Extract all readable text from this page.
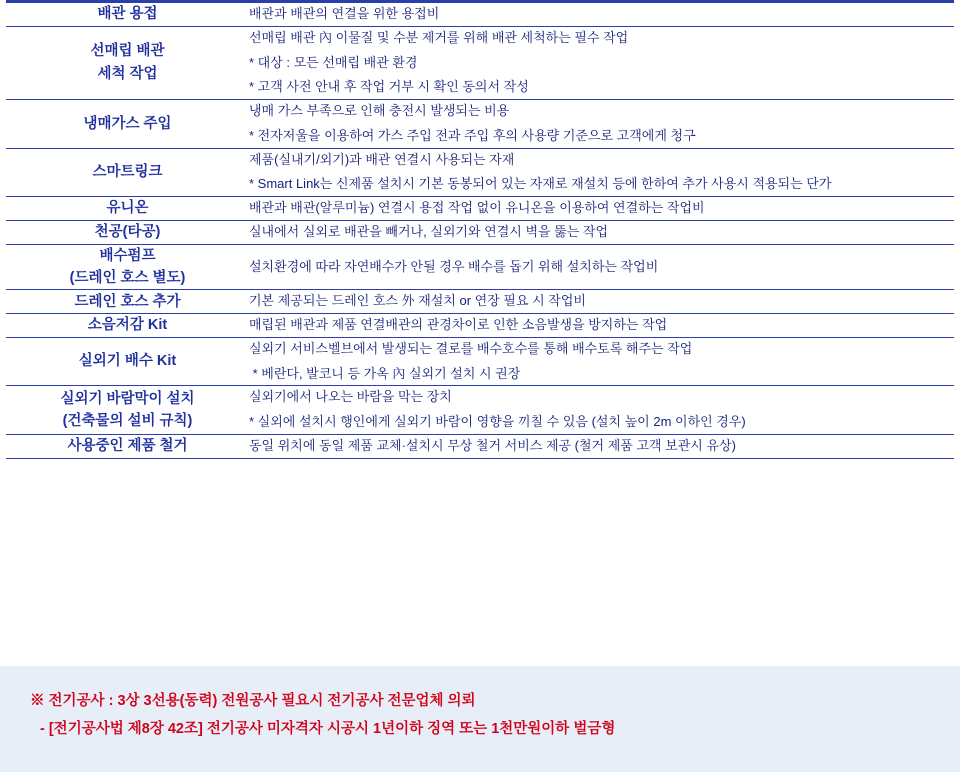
배관 용접	배관과 배관의 연결을 위한 용접비

선매립 배관
세척 작업	선매립 배관 內 이물질 및 수분 제거를 위해 배관 세척하는 필수 작업
* 대상 : 모든 선매립 배관 환경
* 고객 사전 안내 후 작업 거부 시 확인 동의서 작성

냉매가스 주입	냉매 가스 부족으로 인해 충전시 발생되는 비용
* 전자저울을 이용하여 가스 주입 전과 주입 후의 사용량 기준으로 고객에게 청구

스마트링크	제품(실내기/외기)과 배관 연결시 사용되는 자재
* Smart Link는 신제품 설치시 기본 동봉되어 있는 자재로 재설치 등에 한하여 추가 사용시 적용되는 단가

유니온	배관과 배관(알루미늄) 연결시 용접 작업 없이 유니온을 이용하여 연결하는 작업비

천공(타공)	실내에서 실외로 배관을 빼거나, 실외기와 연결시 벽을 뚫는 작업

배수펌프
(드레인 호스 별도)	설치환경에 따라 자연배수가 안될 경우 배수를 돕기 위해 설치하는 작업비

드레인 호스 추가	기본 제공되는 드레인 호스 外 재설치 or 연장 필요 시 작업비

소음저감 Kit	매립된 배관과 제품 연결배관의 관경차이로 인한 소음발생을 방지하는 작업

실외기 배수 Kit	실외기 서비스벨브에서 발생되는 결로를 배수호수를 통해 배수토록 해주는 작업
* 베란다, 발코니 등 가옥 內 실외기 설치 시 권장

실외기 바람막이 설치
(건축물의 설비 규칙)	실외기에서 나오는 바람을 막는 장치
* 실외에 설치시 행인에게 실외기 바람이 영향을 끼칠 수 있음 (설치 높이 2m 이하인 경우)

사용중인 제품 철거	동일 위치에 동일 제품 교체·설치시 무상 철거 서비스 제공 (철거 제품 고객 보관시 유상)
※ 전기공사 : 3상 3선용(동력) 전원공사 필요시 전기공사 전문업체 의뢰
- [전기공사법 제8장 42조] 전기공사 미자격자 시공시 1년이하 징역 또는 1천만원이하 벌금형
